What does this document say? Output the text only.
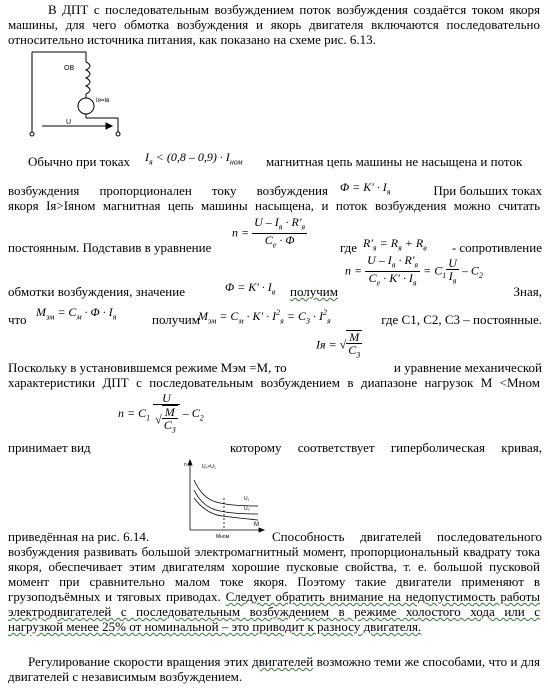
В ДПТ с последовательным возбуждением поток возбуждения создаётся током якоря машины, для чего обмотка возбуждения и якорь двигателя включаются последовательно относительно источника питания, как показано на схеме рис. 6.13.

ОВ
Iя=Iв
U
Обычно при токах	$I_я < (0,8 - 0,9) \cdot I_{ном}$ магнитная цепь машины не насыщена и поток
возбуждения пропорционален току возбуждения $\Phi = K' \cdot I_я$	При больших токах
якоря Iя>Iяном магнитная цепь машины насыщена, и поток возбуждения можно считать
постоянным. Подставив в уравнение
$n = \frac{U - I_я \cdot R'_я}{C_e \cdot \Phi}$	где $R'_я = R_я + R_в$ - сопротивление
обмотки возбуждения, значение	$\Phi = K' \cdot I_в$ получим
$n = \frac{U - I_я \cdot R'_я}{C_e \cdot K' \cdot I_я} = C_1 \frac{U}{I_я} - C_2$
Зная,
что $M_{эм} = C_м \cdot \Phi \cdot I_я$	получим
$M_{эм} = C_м \cdot K' \cdot I^2_я = C_3 \cdot I^2_я$	где C1, C2, C3 – постоянные.
Поскольку в установившемся режиме Мэм =М, то
Iя = √ $\frac{M}{C_3}$
и уравнение механической
характеристики ДПТ с последовательным возбуждением в диапазоне нагрузок М <Мном
$n = C_1 \frac{U}{√ \frac{M}{C_3}} - C_2$
принимает вид	которому соответствует гиперболическая кривая,
U₁>U₂
U₁
U₂
n
M
Мном
приведённая на рис. 6.14.	Способность двигателей последовательного

возбуждения развивать большой электромагнитный момент, пропорциональный квадрату тока якоря, обеспечивает этим двигателям хорошие пусковые свойства, т. е. большой пусковой момент при сравнительно малом токе якоря. Поэтому такие двигатели применяют в грузоподъёмных и тяговых приводах. Следует обратить внимание на недопустимость работы электродвигателей с последовательным возбуждением в режиме холостого хода или с нагрузкой менее 25% от номинальной – это приводит к разносу двигателя.

Регулирование скорости вращения этих двигателей возможно теми же способами, что и для двигателей с независимым возбуждением.
